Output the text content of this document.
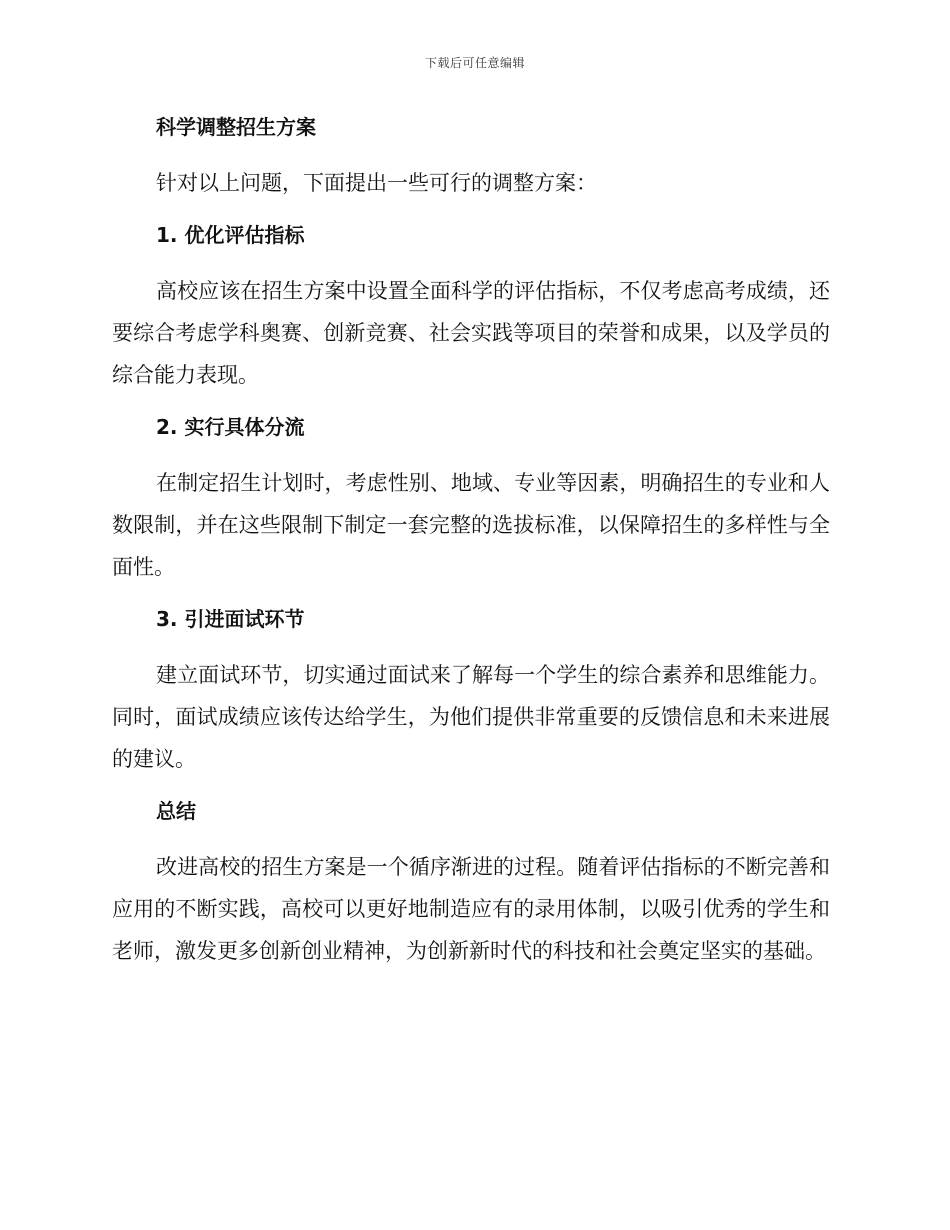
下载后可任意编辑
科学调整招生方案

针对以上问题，下面提出一些可行的调整方案：

1. 优化评估指标

高校应该在招生方案中设置全面科学的评估指标，不仅考虑高考成绩，还要综合考虑学科奥赛、创新竞赛、社会实践等项目的荣誉和成果，以及学员的综合能力表现。

2. 实行具体分流

在制定招生计划时，考虑性别、地域、专业等因素，明确招生的专业和人数限制，并在这些限制下制定一套完整的选拔标准，以保障招生的多样性与全面性。

3. 引进面试环节

建立面试环节，切实通过面试来了解每一个学生的综合素养和思维能力。同时，面试成绩应该传达给学生，为他们提供非常重要的反馈信息和未来进展的建议。

总结

改进高校的招生方案是一个循序渐进的过程。随着评估指标的不断完善和应用的不断实践，高校可以更好地制造应有的录用体制，以吸引优秀的学生和老师，激发更多创新创业精神，为创新新时代的科技和社会奠定坚实的基础。
